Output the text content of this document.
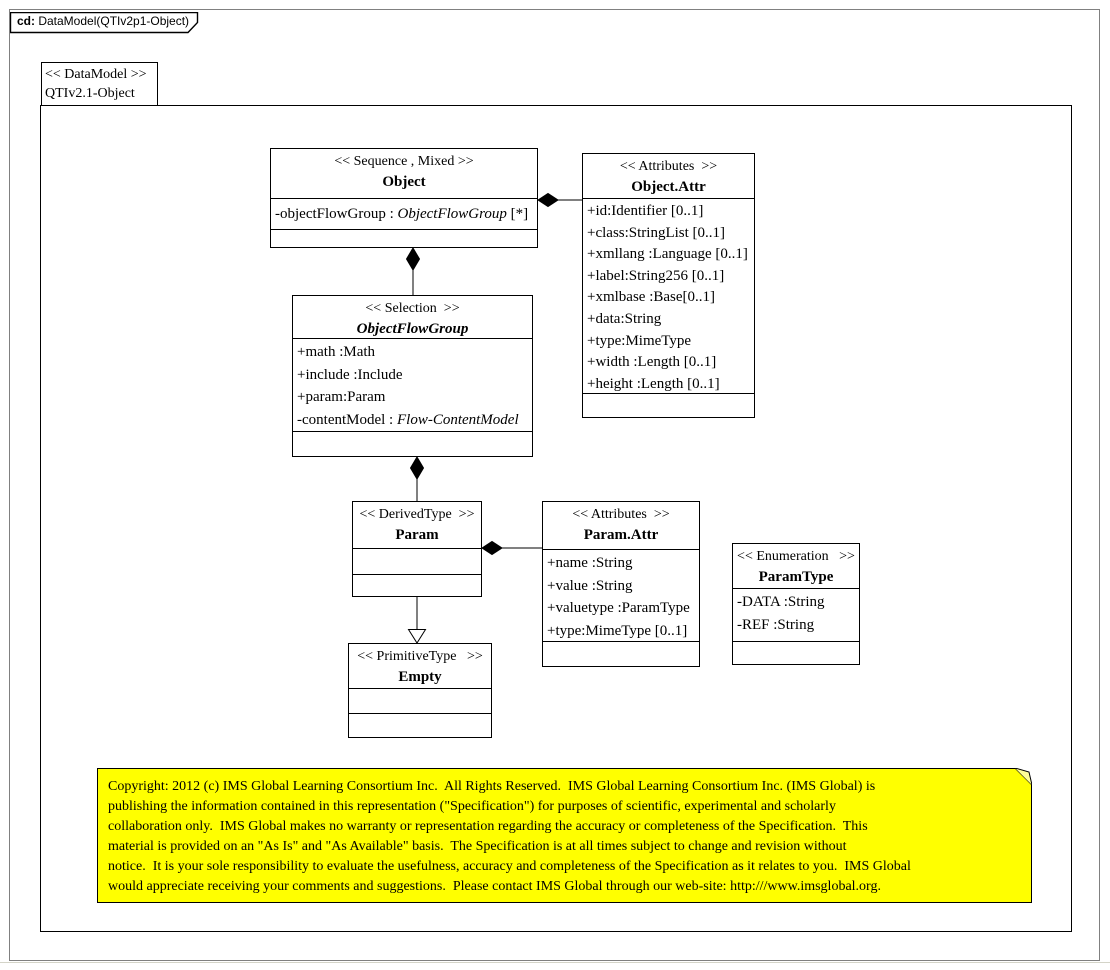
cd: DataModel(QTIv2p1-Object)
<< DataModel >>
QTIv2.1-Object
<< Sequence , Mixed >>
Object
-objectFlowGroup : ObjectFlowGroup [*]
<< Attributes  >>
Object.Attr
+id:Identifier [0..1]
+class:StringList [0..1]
+xmllang :Language [0..1]
+label:String256 [0..1]
+xmlbase :Base[0..1]
+data:String
+type:MimeType
+width :Length [0..1]
+height :Length [0..1]
<< Selection  >>
ObjectFlowGroup
+math :Math
+include :Include
+param:Param
-contentModel : Flow-ContentModel
<< DerivedType  >>
Param
<< Attributes  >>
Param.Attr
+name :String
+value :String
+valuetype :ParamType
+type:MimeType [0..1]
<< Enumeration   >>
ParamType
-DATA :String
-REF :String
<< PrimitiveType   >>
Empty
Copyright: 2012 (c) IMS Global Learning Consortium Inc.  All Rights Reserved.  IMS Global Learning Consortium Inc. (IMS Global) is
publishing the information contained in this representation ("Specification") for purposes of scientific, experimental and scholarly
collaboration only.  IMS Global makes no warranty or representation regarding the accuracy or completeness of the Specification.  This
material is provided on an "As Is" and "As Available" basis.  The Specification is at all times subject to change and revision without
notice.  It is your sole responsibility to evaluate the usefulness, accuracy and completeness of the Specification as it relates to you.  IMS Global
would appreciate receiving your comments and suggestions.  Please contact IMS Global through our web-site: http:///www.imsglobal.org.
